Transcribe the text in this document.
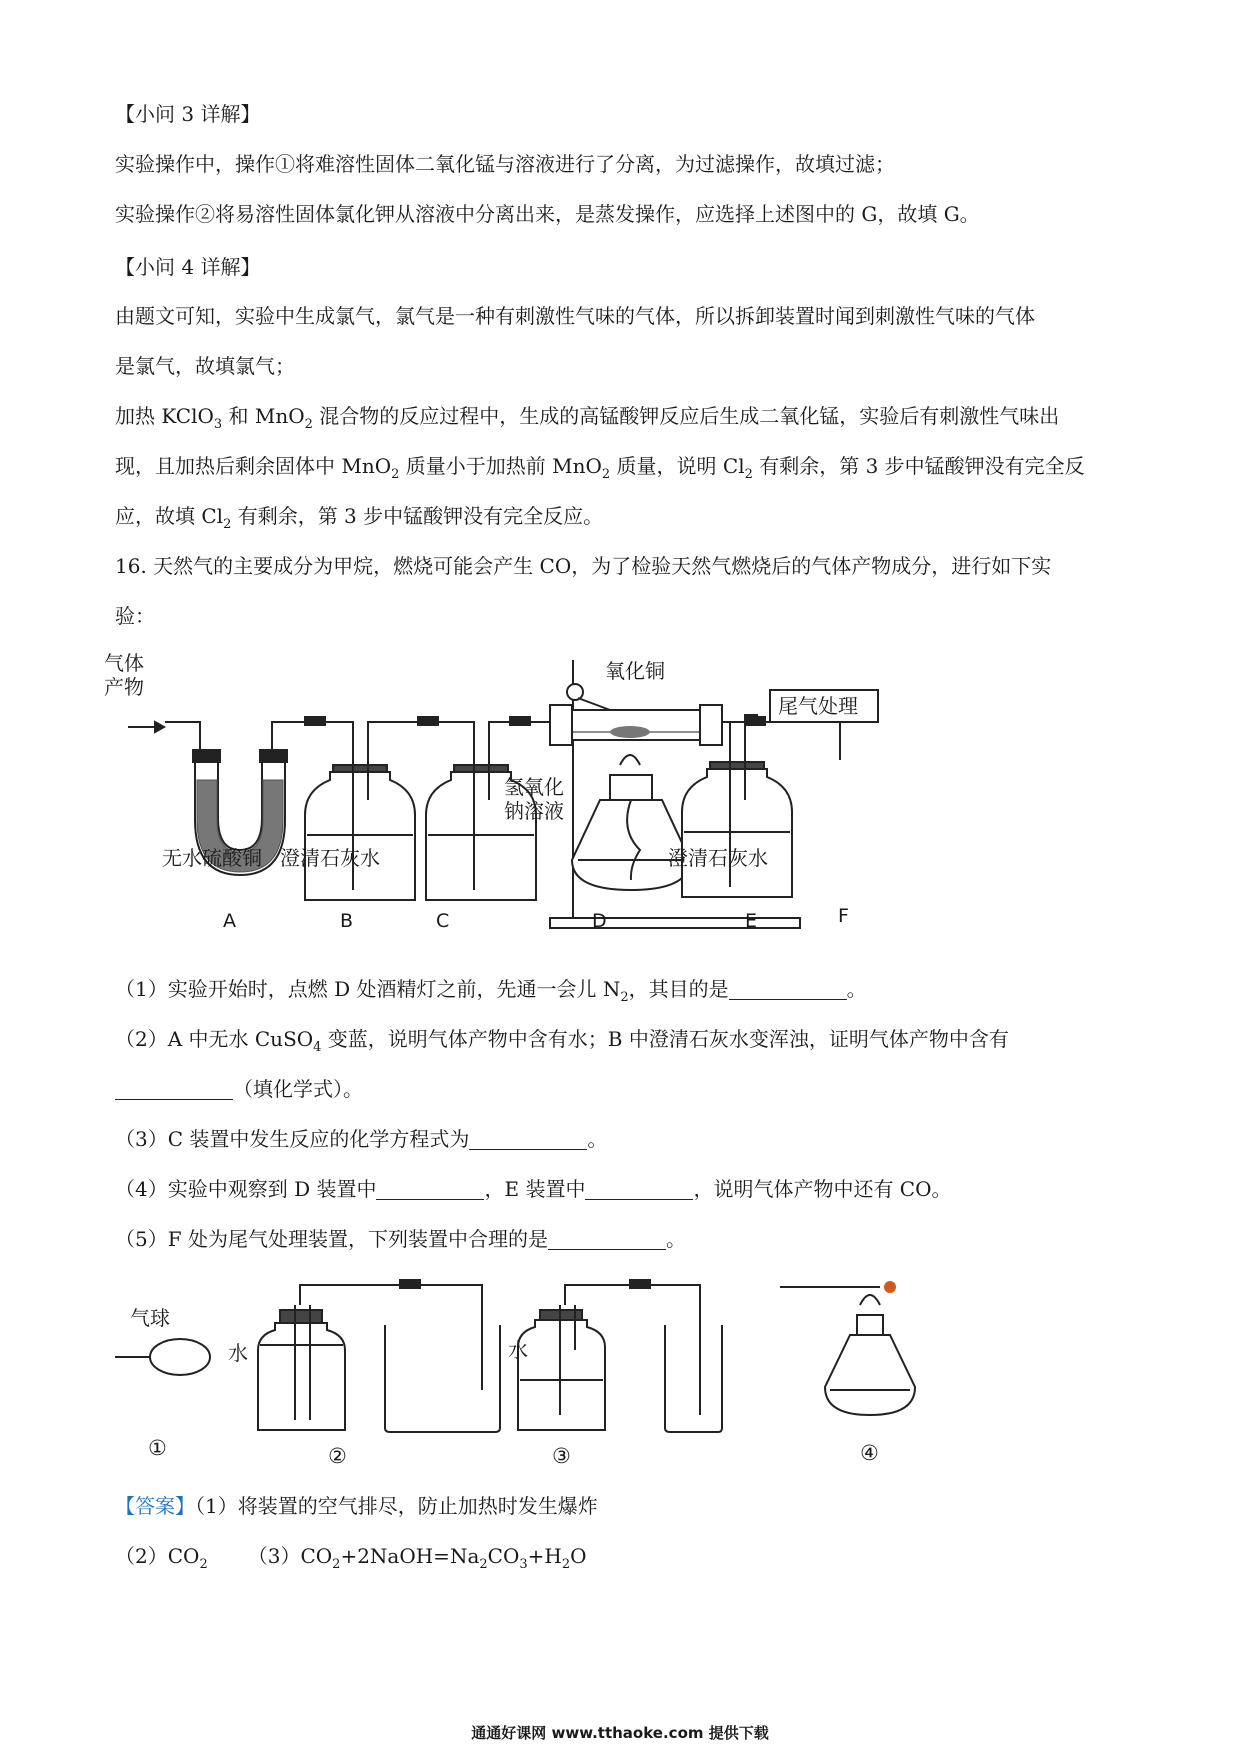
【小问 3 详解】
实验操作中，操作①将难溶性固体二氧化锰与溶液进行了分离，为过滤操作，故填过滤；
实验操作②将易溶性固体氯化钾从溶液中分离出来，是蒸发操作，应选择上述图中的 G，故填 G。
【小问 4 详解】
由题文可知，实验中生成氯气，氯气是一种有刺激性气味的气体，所以拆卸装置时闻到刺激性气味的气体
是氯气，故填氯气；
加热 KClO$_3$ 和 MnO$_2$ 混合物的反应过程中，生成的高锰酸钾反应后生成二氧化锰，实验后有刺激性气味出
现，且加热后剩余固体中 MnO$_2$ 质量小于加热前 MnO$_2$ 质量，说明 $Cl_2$ 有剩余，第 3 步中锰酸钾没有完全反
应，故填 $Cl_2$ 有剩余，第 3 步中锰酸钾没有完全反应。
16. 天然气的主要成分为甲烷，燃烧可能会产生 CO，为了检验天然气燃烧后的气体产物成分，进行如下实
验：
气体
产物
氧化铜
氢氧化
钠溶液
尾气处理
无水硫酸铜 澄清石灰水	澄清石灰水
A	B	C	D	E	F
（1）实验开始时，点燃 D 处酒精灯之前，先通一会儿 $N_2$，其目的是	。
（2）A 中无水 CuSO$_4$ 变蓝，说明气体产物中含有水；B 中澄清石灰水变浑浊，证明气体产物中含有
（填化学式）。
（3）C 装置中发生反应的化学方程式为	。
（4）实验中观察到 D 装置中	，E 装置中	，说明气体产物中还有 CO。
（5）F 处为尾气处理装置，下列装置中合理的是	。
气球
水	水
①	②	③	④
【答案】（1）将装置的空气排尽，防止加热时发生爆炸
$(2)CO_2$ $(3)CO_2+2NaOH=Na_2CO_3+H_2O$
通通好课网 www.tthaoke.com 提供下载
